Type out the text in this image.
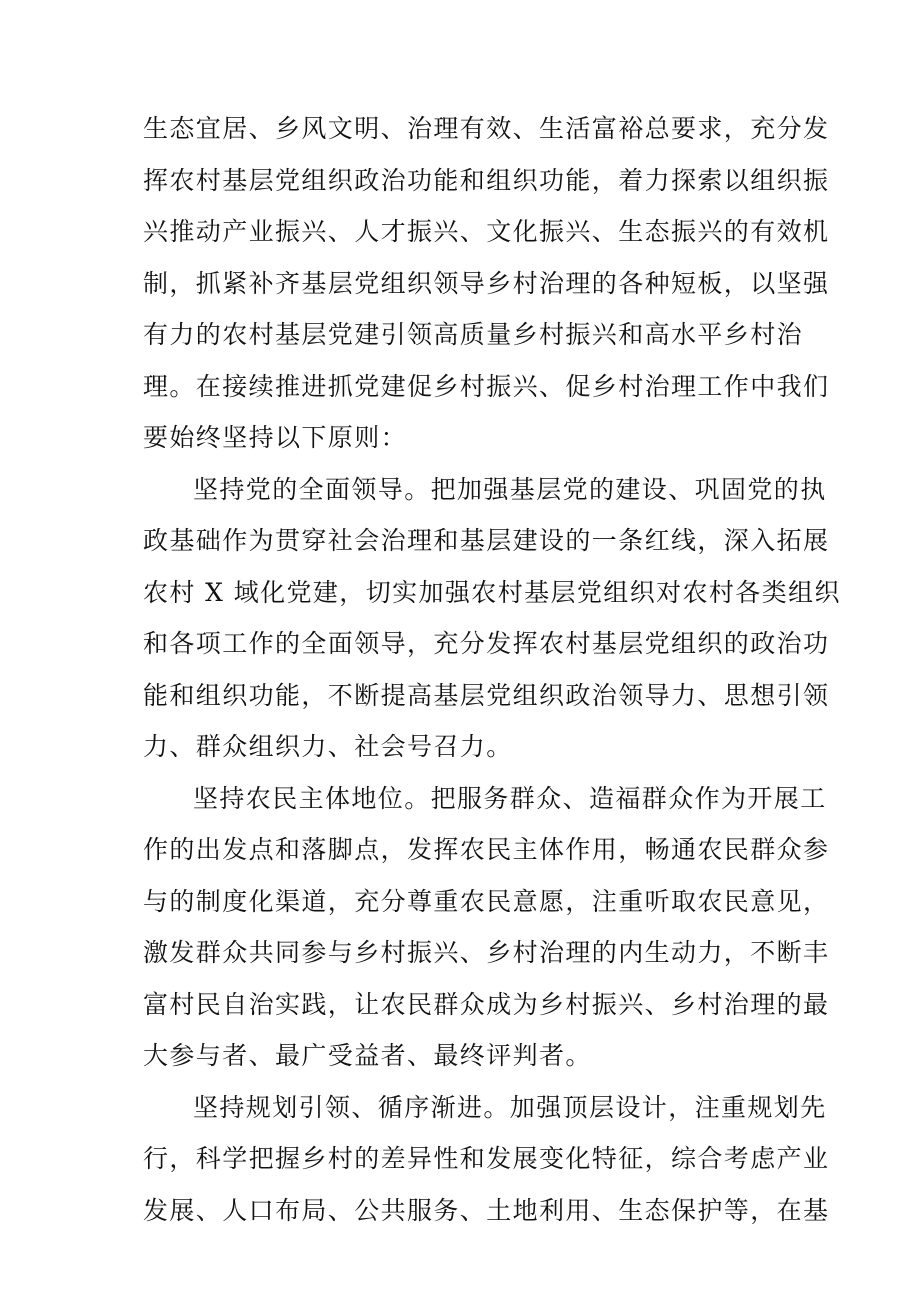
生态宜居、乡风文明、治理有效、生活富裕总要求，充分发
挥农村基层党组织政治功能和组织功能，着力探索以组织振
兴推动产业振兴、人才振兴、文化振兴、生态振兴的有效机
制，抓紧补齐基层党组织领导乡村治理的各种短板，以坚强
有力的农村基层党建引领高质量乡村振兴和高水平乡村治
理。在接续推进抓党建促乡村振兴、促乡村治理工作中我们
要始终坚持以下原则：
坚持党的全面领导。把加强基层党的建设、巩固党的执
政基础作为贯穿社会治理和基层建设的一条红线，深入拓展
农村 X 域化党建，切实加强农村基层党组织对农村各类组织
和各项工作的全面领导，充分发挥农村基层党组织的政治功
能和组织功能，不断提高基层党组织政治领导力、思想引领
力、群众组织力、社会号召力。
坚持农民主体地位。把服务群众、造福群众作为开展工
作的出发点和落脚点，发挥农民主体作用，畅通农民群众参
与的制度化渠道，充分尊重农民意愿，注重听取农民意见，
激发群众共同参与乡村振兴、乡村治理的内生动力，不断丰
富村民自治实践，让农民群众成为乡村振兴、乡村治理的最
大参与者、最广受益者、最终评判者。
坚持规划引领、循序渐进。加强顶层设计，注重规划先
行，科学把握乡村的差异性和发展变化特征，综合考虑产业
发展、人口布局、公共服务、土地利用、生态保护等，在基
